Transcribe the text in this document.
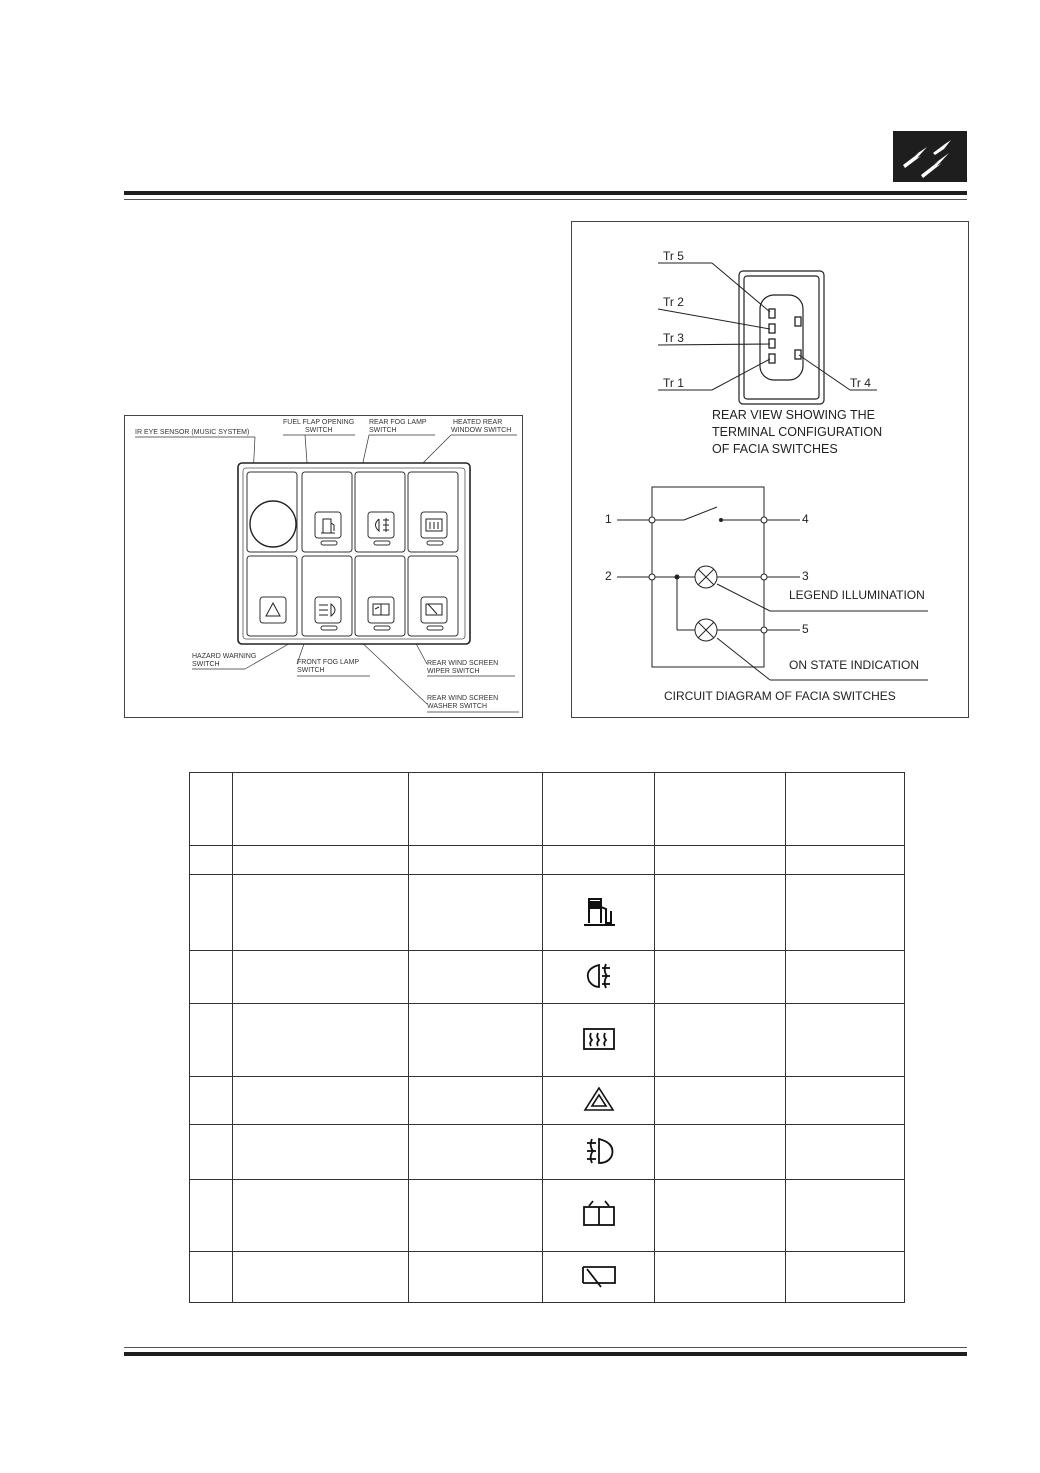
IR EYE SENSOR (MUSIC SYSTEM)
FUEL FLAP OPENING
SWITCH
REAR FOG LAMP
SWITCH
HEATED REAR
WINDOW SWITCH
HAZARD WARNING
SWITCH	FRONT FOG LAMP
SWITCH
REAR WIND SCREEN
WIPER SWITCH
REAR WIND SCREEN
WASHER SWITCH
Tr 5
Tr 2
Tr 3
Tr 1	Tr 4
REAR VIEW SHOWING THE
TERMINAL CONFIGURATION
OF FACIA SWITCHES
1
2
4
3
5
LEGEND ILLUMINATION
ON STATE INDICATION
CIRCUIT DIAGRAM OF FACIA SWITCHES
